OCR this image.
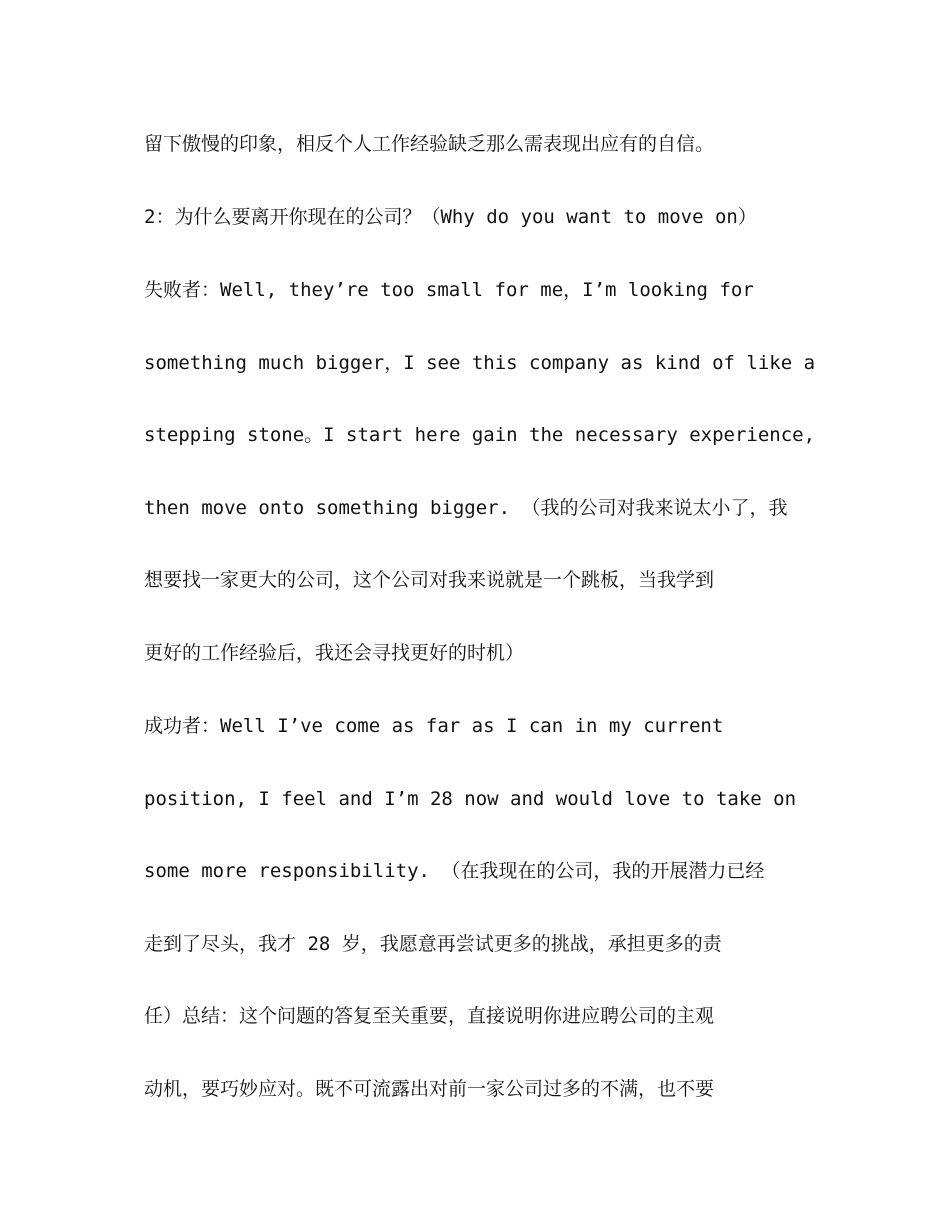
留下傲慢的印象，相反个人工作经验缺乏那么需表现出应有的自信。
2：为什么要离开你现在的公司？（Why do you want to move on）
失败者：Well, they’re too small for me，I’m looking for
something much bigger，I see this company as kind of like a
stepping stone。I start here gain the necessary experience,
then move onto something bigger. （我的公司对我来说太小了，我
想要找一家更大的公司，这个公司对我来说就是一个跳板，当我学到
更好的工作经验后，我还会寻找更好的时机）
成功者：Well I’ve come as far as I can in my current
position, I feel and I’m 28 now and would love to take on
some more responsibility. （在我现在的公司，我的开展潜力已经
走到了尽头，我才 28 岁，我愿意再尝试更多的挑战，承担更多的责
任）总结：这个问题的答复至关重要，直接说明你进应聘公司的主观
动机，要巧妙应对。既不可流露出对前一家公司过多的不满，也不要
